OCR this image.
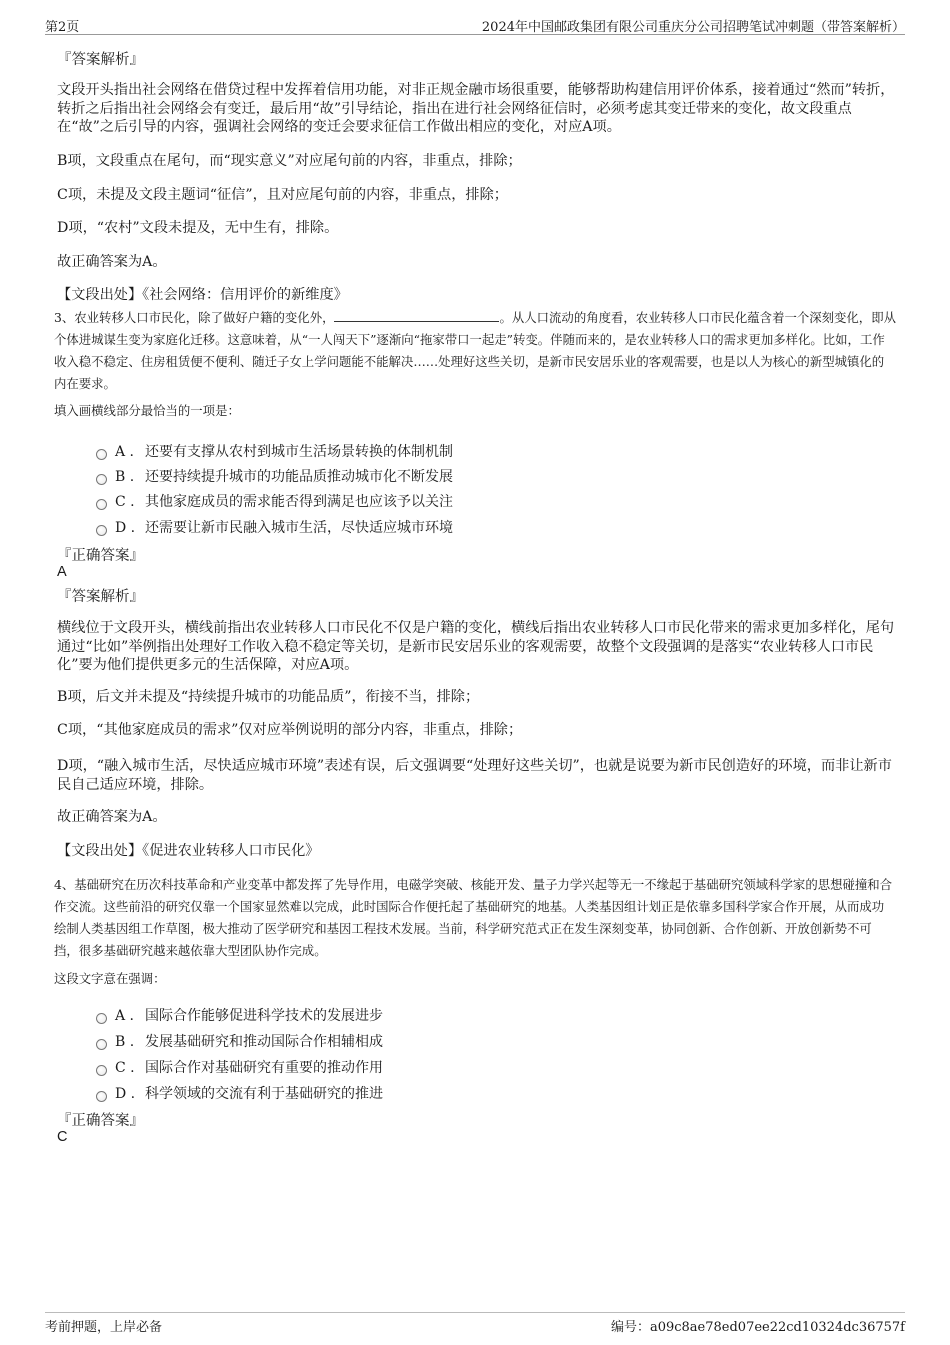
第2页	2024年中国邮政集团有限公司重庆分公司招聘笔试冲刺题（带答案解析）
『答案解析』
文段开头指出社会网络在借贷过程中发挥着信用功能，对非正规金融市场很重要，能够帮助构建信用评价体系，接着通过“然而”转折，转折之后指出社会网络会有变迁，最后用“故”引导结论，指出在进行社会网络征信时，必须考虑其变迁带来的变化，故文段重点在“故”之后引导的内容，强调社会网络的变迁会要求征信工作做出相应的变化，对应A项。
B项，文段重点在尾句，而“现实意义”对应尾句前的内容，非重点，排除；
C项，未提及文段主题词“征信”，且对应尾句前的内容，非重点，排除；
D项，“农村”文段未提及，无中生有，排除。
故正确答案为A。
【文段出处】《社会网络：信用评价的新维度》
3、农业转移人口市民化，除了做好户籍的变化外，	。从人口流动的角度看，农业转移人口市民化蕴含着一个深刻变化，即从个体进城谋生变为家庭化迁移。这意味着，从“一人闯天下”逐渐向“拖家带口一起走”转变。伴随而来的，是农业转移人口的需求更加多样化。比如，工作收入稳不稳定、住房租赁便不便利、随迁子女上学问题能不能解决……处理好这些关切，是新市民安居乐业的客观需要，也是以人为核心的新型城镇化的内在要求。
填入画横线部分最恰当的一项是：
A . 还要有支撑从农村到城市生活场景转换的体制机制
B . 还要持续提升城市的功能品质推动城市化不断发展
C . 其他家庭成员的需求能否得到满足也应该予以关注
D . 还需要让新市民融入城市生活，尽快适应城市环境
『正确答案』
A
『答案解析』
横线位于文段开头，横线前指出农业转移人口市民化不仅是户籍的变化，横线后指出农业转移人口市民化带来的需求更加多样化，尾句通过“比如”举例指出处理好工作收入稳不稳定等关切，是新市民安居乐业的客观需要，故整个文段强调的是落实“农业转移人口市民化”要为他们提供更多元的生活保障，对应A项。
B项，后文并未提及“持续提升城市的功能品质”，衔接不当，排除；
C项，“其他家庭成员的需求”仅对应举例说明的部分内容，非重点，排除；
D项，“融入城市生活，尽快适应城市环境”表述有误，后文强调要“处理好这些关切”，也就是说要为新市民创造好的环境，而非让新市民自己适应环境，排除。
故正确答案为A。
【文段出处】《促进农业转移人口市民化》
4、基础研究在历次科技革命和产业变革中都发挥了先导作用，电磁学突破、核能开发、量子力学兴起等无一不缘起于基础研究领域科学家的思想碰撞和合作交流。这些前沿的研究仅靠一个国家显然难以完成，此时国际合作便托起了基础研究的地基。人类基因组计划正是依靠多国科学家合作开展，从而成功绘制人类基因组工作草图，极大推动了医学研究和基因工程技术发展。当前，科学研究范式正在发生深刻变革，协同创新、合作创新、开放创新势不可挡，很多基础研究越来越依靠大型团队协作完成。
这段文字意在强调：
A . 国际合作能够促进科学技术的发展进步
B . 发展基础研究和推动国际合作相辅相成
C . 国际合作对基础研究有重要的推动作用
D . 科学领域的交流有利于基础研究的推进
『正确答案』
C
考前押题，上岸必备	编号：a09c8ae78ed07ee22cd10324dc36757f
